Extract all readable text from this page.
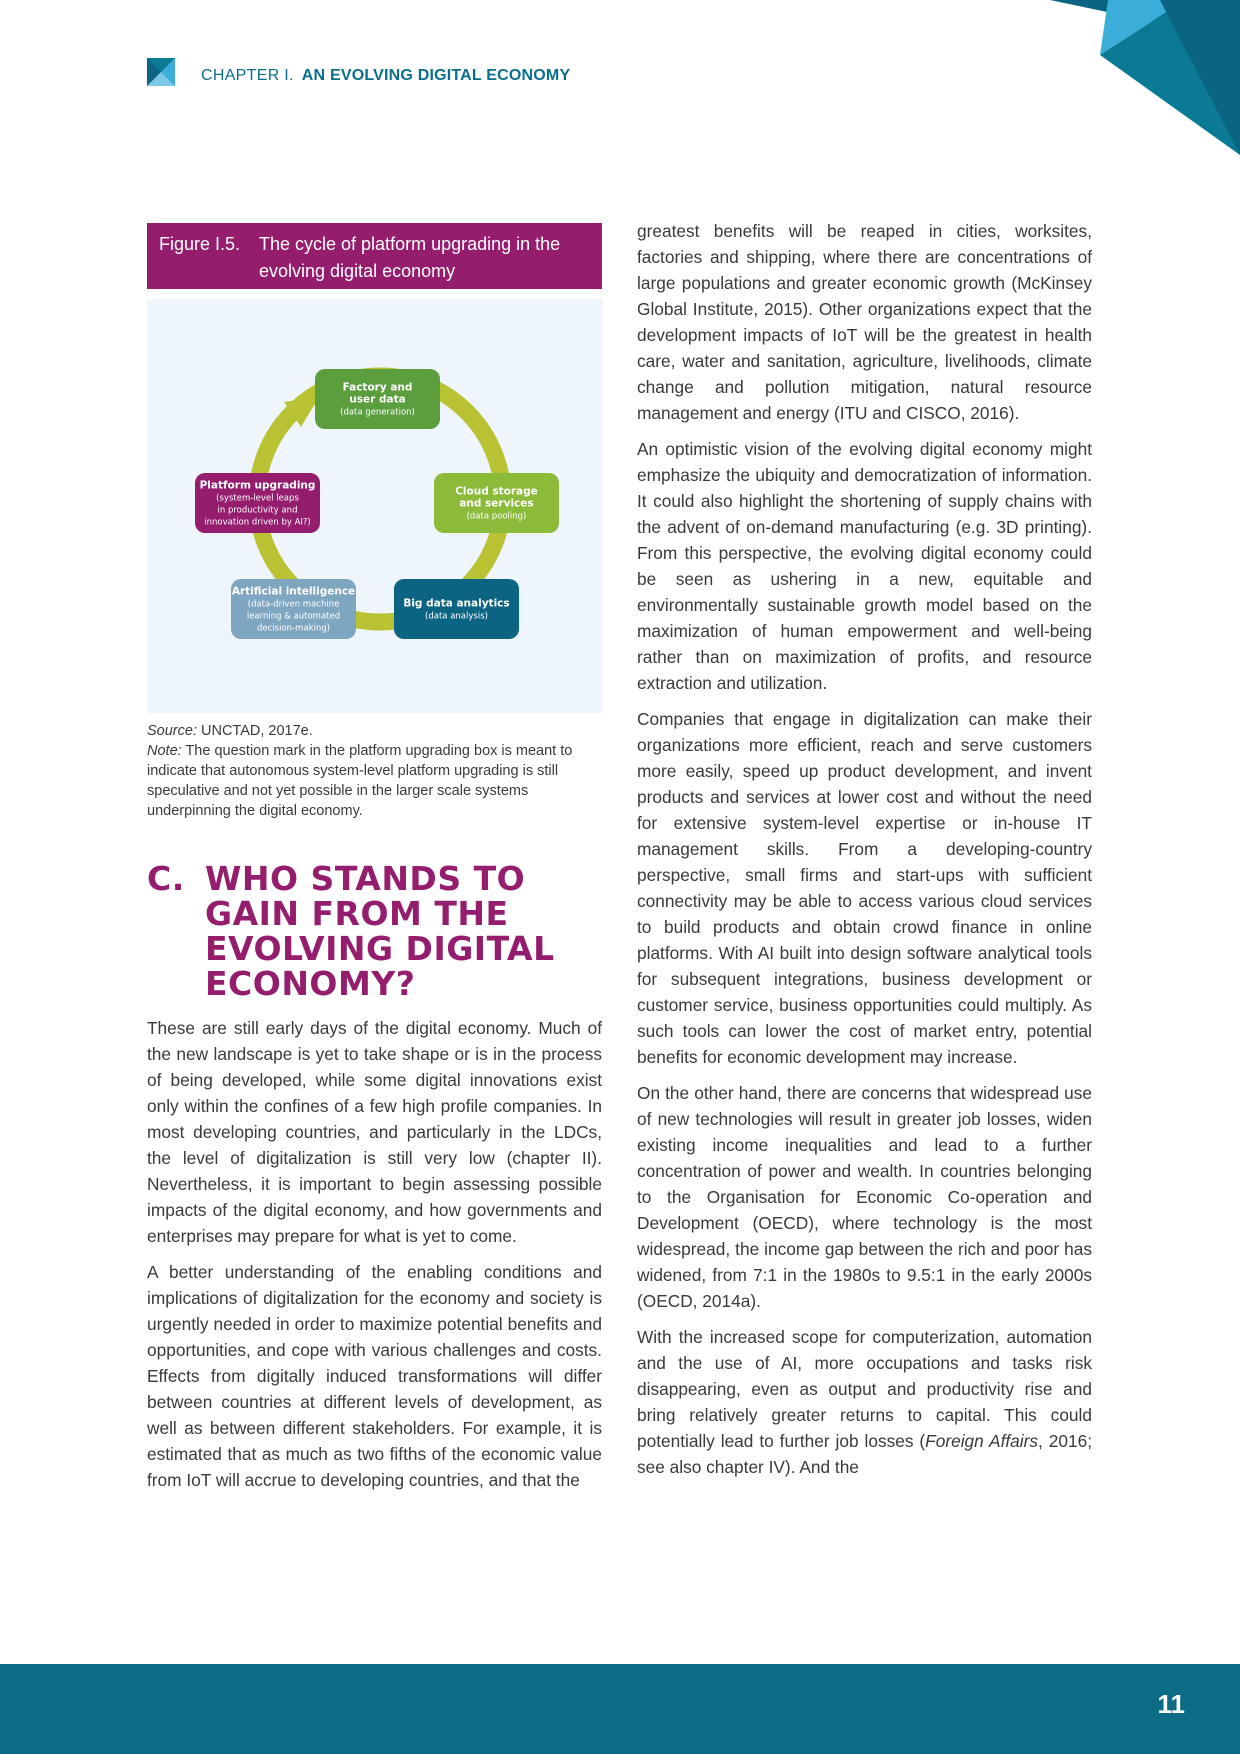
CHAPTER I. AN EVOLVING DIGITAL ECONOMY
Figure I.5.	The cycle of platform upgrading in the evolving digital economy
Factory and
user data
(data generation)
Cloud storage
and services
(data pooling)
Big data analytics
(data analysis)
Artificial intelligence
(data-driven machine
learning & automated
decision-making)
Platform upgrading
(system-level leaps
in productivity and
innovation driven by AI?)
Source: UNCTAD, 2017e.
Note: The question mark in the platform upgrading box is meant to indicate that autonomous system-level platform upgrading is still speculative and not yet possible in the larger scale systems underpinning the digital economy.
C. WHO STANDS TO GAIN FROM THE EVOLVING DIGITAL ECONOMY?

These are still early days of the digital economy. Much of the new landscape is yet to take shape or is in the process of being developed, while some digital innovations exist only within the confines of a few high profile companies. In most developing countries, and particularly in the LDCs, the level of digitalization is still very low (chapter II). Nevertheless, it is important to begin assessing possible impacts of the digital economy, and how governments and enterprises may prepare for what is yet to come.

A better understanding of the enabling conditions and implications of digitalization for the economy and society is urgently needed in order to maximize potential benefits and opportunities, and cope with various challenges and costs. Effects from digitally induced transformations will differ between countries at different levels of development, as well as between different stakeholders. For example, it is estimated that as much as two fifths of the economic value from IoT will accrue to developing countries, and that the

greatest benefits will be reaped in cities, worksites, factories and shipping, where there are concentrations of large populations and greater economic growth (McKinsey Global Institute, 2015). Other organizations expect that the development impacts of IoT will be the greatest in health care, water and sanitation, agriculture, livelihoods, climate change and pollution mitigation, natural resource management and energy (ITU and CISCO, 2016).

An optimistic vision of the evolving digital economy might emphasize the ubiquity and democratization of information. It could also highlight the shortening of supply chains with the advent of on-demand manufacturing (e.g. 3D printing). From this perspective, the evolving digital economy could be seen as ushering in a new, equitable and environmentally sustainable growth model based on the maximization of human empowerment and well-being rather than on maximization of profits, and resource extraction and utilization.

Companies that engage in digitalization can make their organizations more efficient, reach and serve customers more easily, speed up product development, and invent products and services at lower cost and without the need for extensive system-level expertise or in-house IT management skills. From a developing-country perspective, small firms and start-ups with sufficient connectivity may be able to access various cloud services to build products and obtain crowd finance in online platforms. With AI built into design software analytical tools for subsequent integrations, business development or customer service, business opportunities could multiply. As such tools can lower the cost of market entry, potential benefits for economic development may increase.

On the other hand, there are concerns that widespread use of new technologies will result in greater job losses, widen existing income inequalities and lead to a further concentration of power and wealth. In countries belonging to the Organisation for Economic Co-operation and Development (OECD), where technology is the most widespread, the income gap between the rich and poor has widened, from 7:1 in the 1980s to 9.5:1 in the early 2000s (OECD, 2014a).

With the increased scope for computerization, automation and the use of AI, more occupations and tasks risk disappearing, even as output and productivity rise and bring relatively greater returns to capital. This could potentially lead to further job losses (Foreign Affairs, 2016; see also chapter IV). And the

11
